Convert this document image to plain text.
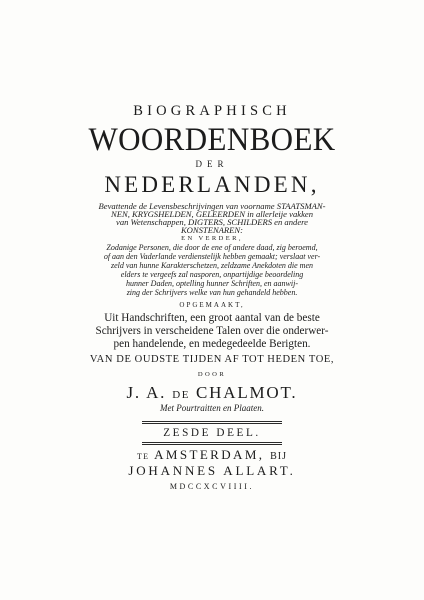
BIOGRAPHISCH
WOORDENBOEK
DER
NEDERLANDEN,
Bevattende de Levensbeschrijvingen van voorname STAATSMAN-
NEN, KRYGSHELDEN, GELEERDEN in allerleije vakken
van Wetenschappen, DIGTERS, SCHILDERS en andere
KONSTENAREN:
EN VERDER,
Zodanige Personen, die door de ene of andere daad, zig beroemd,
of aan den Vaderlande verdienstelijk hebben gemaakt; verslaat ver-
zeld van hunne Karakterschetzen, zeldzame Anekdoten die men
elders te vergeefs zal nasporen, onpartijdige beoordeling
hunner Daden, optelling hunner Schriften, en aanwij-
zing der Schrijvers welke van hun gehandeld hebben.
OPGEMAAKT,
Uit Handschriften, een groot aantal van de beste
Schrijvers in verscheidene Talen over die onderwer-
pen handelende, en medegedeelde Berigten.
VAN DE OUDSTE TIJDEN AF TOT HEDEN TOE,
DOOR
J. A. DE CHALMOT.
Met Pourtraitten en Plaaten.
ZESDE DEEL.
TE AMSTERDAM, BIJ
JOHANNES ALLART.
MDCCXCVIIII.
